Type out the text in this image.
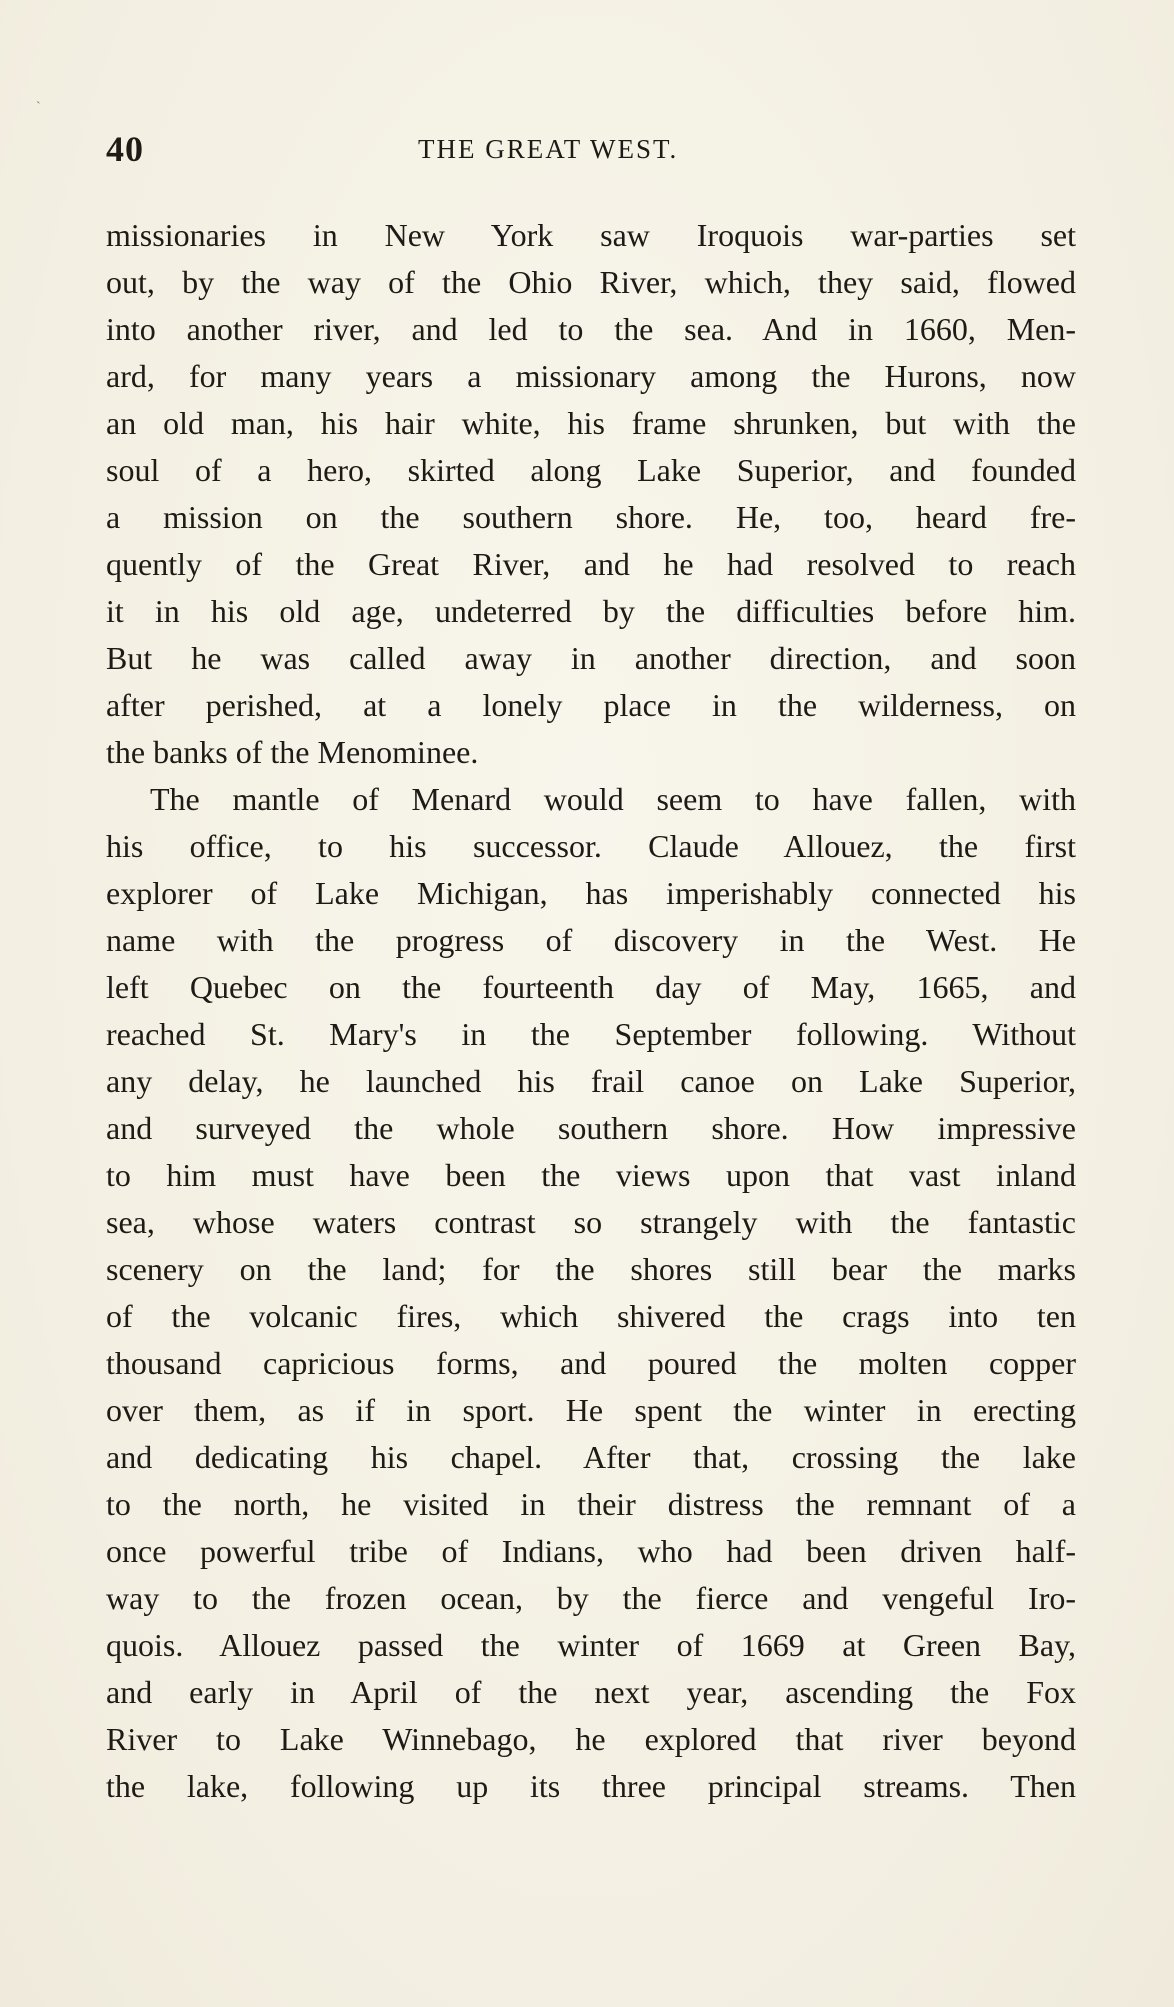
`
40	THE GREAT WEST.
missionaries in New York saw Iroquois war-parties set
out, by the way of the Ohio River, which, they said, flowed
into another river, and led to the sea. And in 1660, Men-
ard, for many years a missionary among the Hurons, now
an old man, his hair white, his frame shrunken, but with the
soul of a hero, skirted along Lake Superior, and founded
a mission on the southern shore. He, too, heard fre-
quently of the Great River, and he had resolved to reach
it in his old age, undeterred by the difficulties before him.
But he was called away in another direction, and soon
after perished, at a lonely place in the wilderness, on
the banks of the Menominee.
The mantle of Menard would seem to have fallen, with
his office, to his successor. Claude Allouez, the first
explorer of Lake Michigan, has imperishably connected his
name with the progress of discovery in the West. He
left Quebec on the fourteenth day of May, 1665, and
reached St. Mary's in the September following. Without
any delay, he launched his frail canoe on Lake Superior,
and surveyed the whole southern shore. How impressive
to him must have been the views upon that vast inland
sea, whose waters contrast so strangely with the fantastic
scenery on the land; for the shores still bear the marks
of the volcanic fires, which shivered the crags into ten
thousand capricious forms, and poured the molten copper
over them, as if in sport. He spent the winter in erecting
and dedicating his chapel. After that, crossing the lake
to the north, he visited in their distress the remnant of a
once powerful tribe of Indians, who had been driven half-
way to the frozen ocean, by the fierce and vengeful Iro-
quois. Allouez passed the winter of 1669 at Green Bay,
and early in April of the next year, ascending the Fox
River to Lake Winnebago, he explored that river beyond
the lake, following up its three principal streams. Then
